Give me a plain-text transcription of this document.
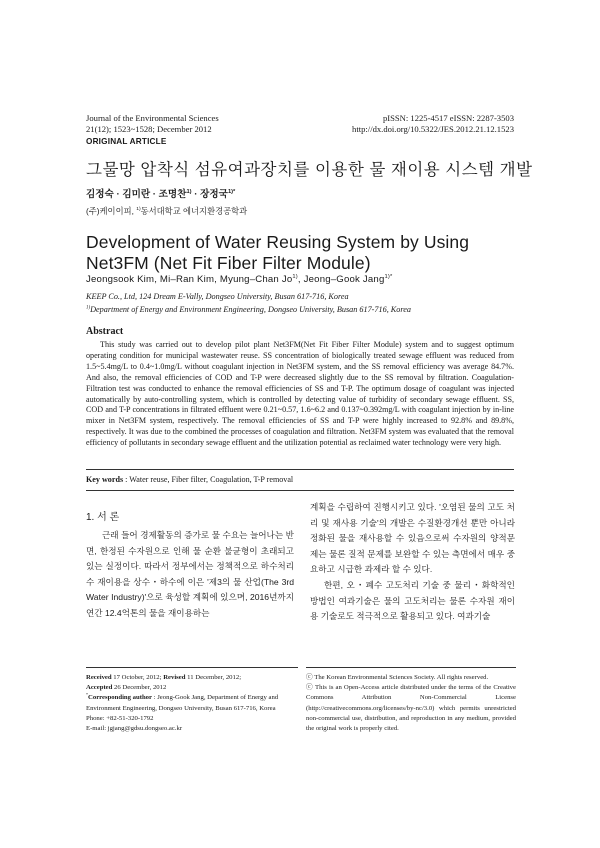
Journal of the Environmental Sciences
21(12); 1523~1528; December 2012
pISSN: 1225-4517 eISSN: 2287-3503
http://dx.doi.org/10.5322/JES.2012.21.12.1523
ORIGINAL ARTICLE
그물망 압착식 섬유여과장치를 이용한 물 재이용 시스템 개발
김정숙 · 김미란 · 조명찬$^{1)}$ · 장정국$^{1)*}$
(주)케이이피, $^{1)}$동서대학교 에너지환경공학과
Development of Water Reusing System by Using Net3FM (Net Fit Fiber Filter Module)
Jeongsook Kim, Mi–Ran Kim, Myung–Chan Jo$^{1)}$, Jeong–Gook Jang$^{1)*}$
KEEP Co., Ltd, 124 Dream E-Vally, Dongseo University, Busan 617-716, Korea
$^{1)}$Department of Energy and Environment Engineering, Dongseo University, Busan 617-716, Korea
Abstract
This study was carried out to develop pilot plant Net3FM(Net Fit Fiber Filter Module) system and to suggest optimum operating condition for municipal wastewater reuse. SS concentration of biologically treated sewage effluent was reduced from 1.5~5.4mg/L to 0.4~1.0mg/L without coagulant injection in Net3FM system, and the SS removal efficiency was average 84.7%. And also, the removal efficiencies of COD and T-P were decreased slightly due to the SS removal by filtration. Coagulation-Filtration test was conducted to enhance the removal efficiencies of SS and T-P. The optimum dosage of coagulant was injected automatically by auto-controlling system, which is controlled by detecting value of turbidity of secondary sewage effluent. SS, COD and T-P concentrations in filtrated effluent were 0.21~0.57, 1.6~6.2 and 0.137~0.392mg/L with coagulant injection by in-line mixer in Net3FM system, respectively. The removal efficiencies of SS and T-P were highly increased to 92.8% and 89.8%, respectively. It was due to the combined the processes of coagulation and filtration. Net3FM system was evaluated that the removal efficiency of pollutants in secondary sewage effluent and the utilization potential as reclaimed water technology were very high.
Key words : Water reuse, Fiber filter, Coagulation, T-P removal
1. 서 론
근래 들어 경제활동의 증가로 물 수요는 늘어나는 반면, 한정된 수자원으로 인해 물 순환 불균형이 초래되고 있는 실정이다. 따라서 정부에서는 정책적으로 하수처리수 재이용을 상수・하수에 이은 '제3의 물 산업(The 3rd Water Industry)'으로 육성할 계획에 있으며, 2016년까지 연간 12.4억톤의 물을 재이용하는
계획을 수립하여 진행시키고 있다. '오염된 물의 고도 처리 및 재사용 기술'의 개발은 수질환경개선 뿐만 아니라 정화된 물을 재사용할 수 있음으로써 수자원의 양적문제는 물론 질적 문제를 보완할 수 있는 측면에서 매우 중요하고 시급한 과제라 할 수 있다.
한편, 오・폐수 고도처리 기술 중 물리・화학적인 방법인 여과기술은 물의 고도처리는 물론 수자원 재이용 기술로도 적극적으로 활용되고 있다. 여과기술
Received 17 October, 2012; Revised 11 December, 2012;
Accepted 26 December, 2012
*Corresponding author : Jeong-Gook Jang, Department of Energy and Environment Engineering, Dongseo University, Busan 617-716, Korea
Phone: +82-51-320-1792
E-mail: jgjang@gdsu.dongseo.ac.kr
ⓒ The Korean Environmental Sciences Society. All rights reserved.
ⓒ This is an Open-Access article distributed under the terms of the Creative Commons Attribution Non-Commercial License (http://creativecommons.org/licenses/by-nc/3.0) which permits unrestricted non-commercial use, distribution, and reproduction in any medium, provided the original work is properly cited.
